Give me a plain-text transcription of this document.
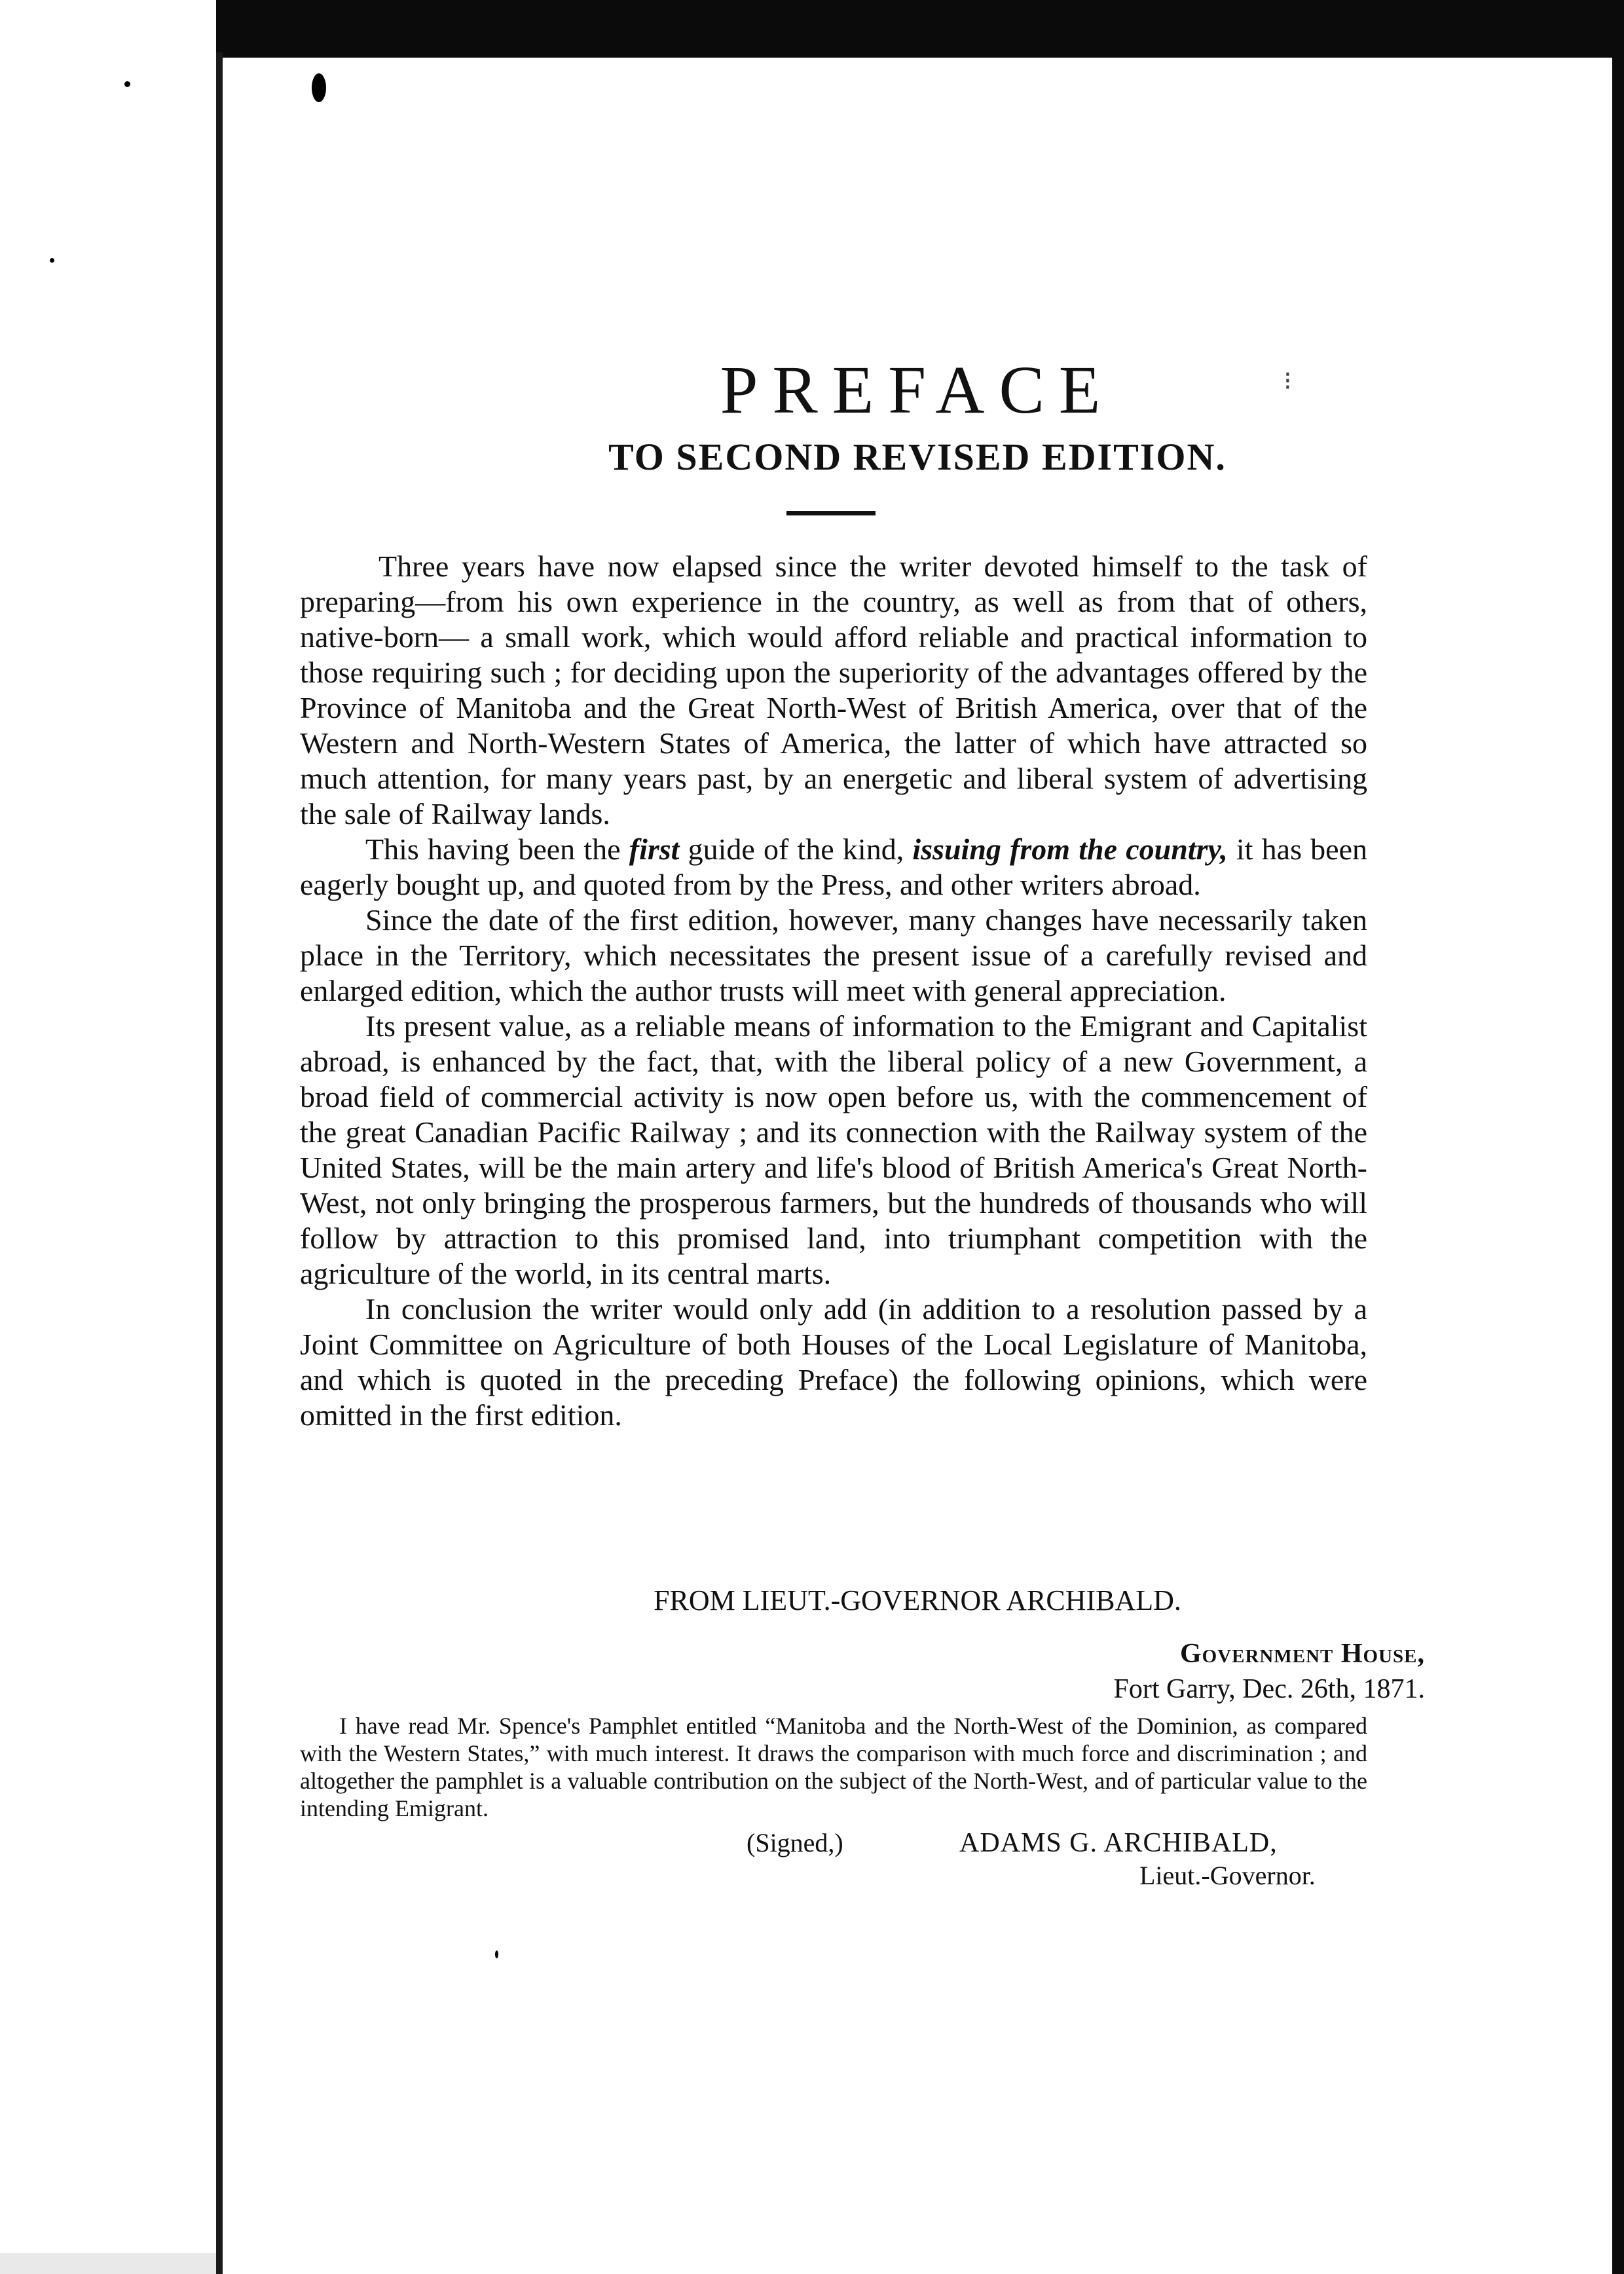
PREFACE
TO SECOND REVISED EDITION.
⁝

Three years have now elapsed since the writer devoted himself to the task of preparing—from his own experience in the country, as well as from that of others, native-born— a small work, which would afford reliable and practical information to those requiring such ; for deciding upon the superiority of the advantages offered by the Province of Manitoba and the Great North-West of British America, over that of the Western and North-Western States of America, the latter of which have attracted so much attention, for many years past, by an energetic and liberal system of advertising the sale of Railway lands.

This having been the first guide of the kind, issuing from the country, it has been eagerly bought up, and quoted from by the Press, and other writers abroad.

Since the date of the first edition, however, many changes have necessarily taken place in the Territory, which necessitates the present issue of a carefully revised and enlarged edition, which the author trusts will meet with general appreciation.

Its present value, as a reliable means of information to the Emigrant and Capitalist abroad, is enhanced by the fact, that, with the liberal policy of a new Government, a broad field of commercial activity is now open before us, with the commencement of the great Canadian Pacific Railway ; and its connection with the Railway system of the United States, will be the main artery and life's blood of British America's Great North-West, not only bringing the prosperous farmers, but the hundreds of thousands who will follow by attraction to this promised land, into triumphant competition with the agriculture of the world, in its central marts.

In conclusion the writer would only add (in addition to a resolution passed by a Joint Committee on Agriculture of both Houses of the Local Legislature of Manitoba, and which is quoted in the preceding Preface) the following opinions, which were omitted in the first edition.

FROM LIEUT.-GOVERNOR ARCHIBALD.
Government House,
Fort Garry, Dec. 26th, 1871.

I have read Mr. Spence's Pamphlet entitled “Manitoba and the North-West of the Dominion, as compared with the Western States,” with much interest. It draws the comparison with much force and discrimination ; and altogether the pamphlet is a valuable contribution on the subject of the North-West, and of particular value to the intending Emigrant.

(Signed,)	ADAMS G. ARCHIBALD,
Lieut.-Governor.
